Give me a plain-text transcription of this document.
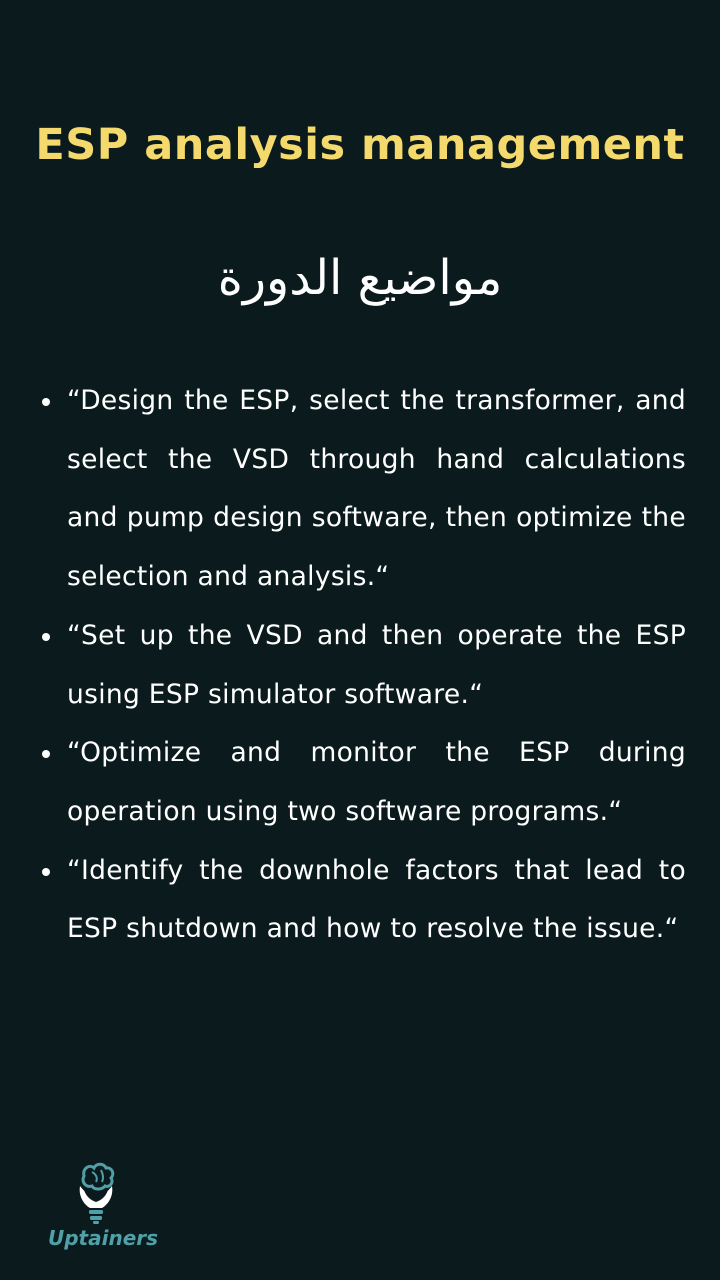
ESP analysis management
مواضيع الدورة
“Design the ESP, select the transformer, and select the VSD through hand calculations and pump design software, then optimize the selection and analysis.“
“Set up the VSD and then operate the ESP using ESP simulator software.“
“Optimize and monitor the ESP during operation using two software programs.“
“Identify the downhole factors that lead to ESP shutdown and how to resolve the issue.“
Uptainers
